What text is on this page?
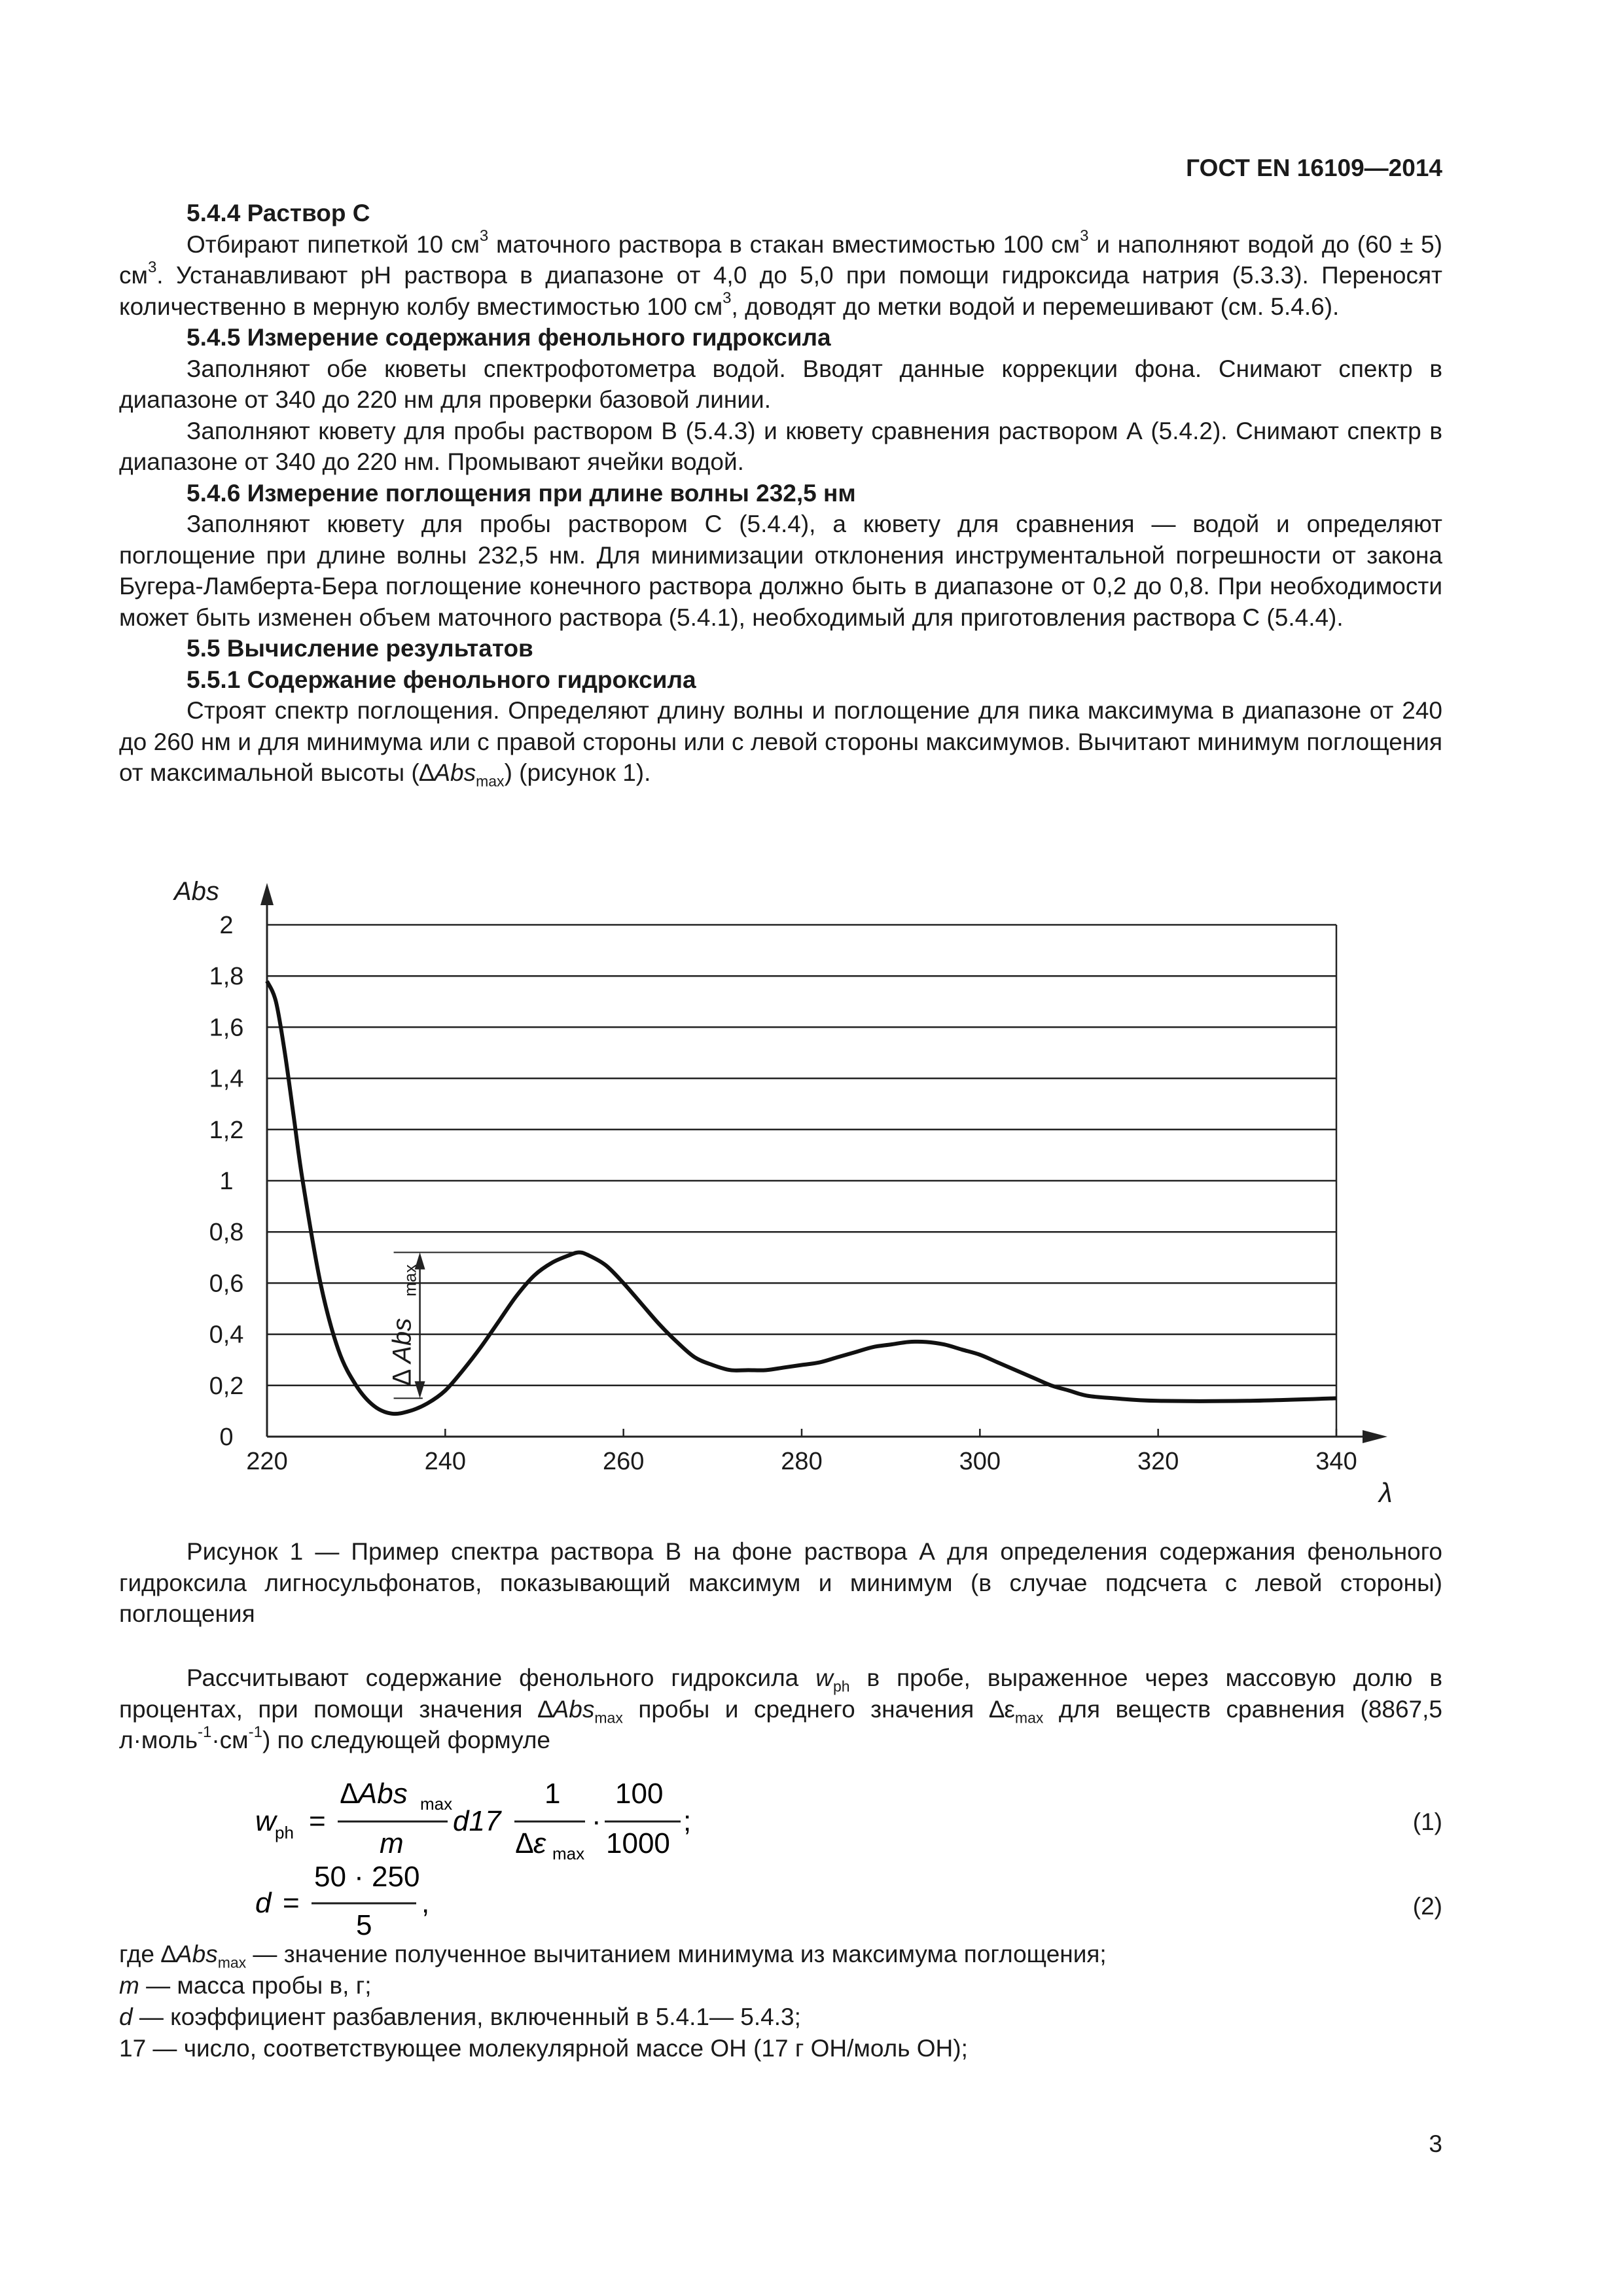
ГОСТ EN 16109—2014

5.4.4 Раствор С

Отбирают пипеткой 10 $см^3$ маточного раствора в стакан вместимостью 100 $см^3$ и наполняют водой до (60 ± 5) $см^3$. Устанавливают pH раствора в диапазоне от 4,0 до 5,0 при помощи гидроксида натрия (5.3.3). Переносят количественно в мерную колбу вместимостью 100 $см^3$, доводят до метки водой и перемешивают (см. 5.4.6).

5.4.5 Измерение содержания фенольного гидроксила

Заполняют обе кюветы спектрофотометра водой. Вводят данные коррекции фона. Снимают спектр в диапазоне от 340 до 220 нм для проверки базовой линии.

Заполняют кювету для пробы раствором В (5.4.3) и кювету сравнения раствором А (5.4.2). Снимают спектр в диапазоне от 340 до 220 нм. Промывают ячейки водой.

5.4.6 Измерение поглощения при длине волны 232,5 нм

Заполняют кювету для пробы раствором С (5.4.4), а кювету для сравнения — водой и определяют поглощение при длине волны 232,5 нм. Для минимизации отклонения инструментальной погрешности от закона Бугера-Ламберта-Бера поглощение конечного раствора должно быть в диапазоне от 0,2 до 0,8. При необходимости может быть изменен объем маточного раствора (5.4.1), необходимый для приготовления раствора С (5.4.4).

5.5 Вычисление результатов

5.5.1 Содержание фенольного гидроксила

Строят спектр поглощения. Определяют длину волны и поглощение для пика максимума в диапазоне от 240 до 260 нм и для минимума или с правой стороны или с левой стороны максимумов. Вычитают минимум поглощения от максимальной высоты (∆Abs$_{max}$) (рисунок 1).

0
0,2
0,4
0,6
0,8
1
1,2
1,4
1,6
1,8
2
220	240	260	280	300	320	340
Abs
λ
∆ Abs
max

Рисунок 1 — Пример спектра раствора В на фоне раствора А для определения содержания фенольного гидроксила лигносульфонатов, показывающий максимум и минимум (в случае подсчета с левой стороны) поглощения

Рассчитывают содержание фенольного гидроксила $w_{ph}$ в пробе, выраженное через массовую долю в процентах, при помощи значения ∆Abs$_{max}$ пробы и среднего значения $\Delta\varepsilon_{max}$ для веществ сравнения (8867,5 $л\cdot моль^{-1}\cdot см^{-1}$) по следующей формуле

w
ph =
∆Abs max
m
d17
1
∆ε max
·
100
1000
;	(1)
d =
50 · 250
5
,	(2)
где ∆Abs$_{max}$ — значение полученное вычитанием минимума из максимума поглощения;
m — масса пробы в, г;
d — коэффициент разбавления, включенный в 5.4.1— 5.4.3;
17 — число, соответствующее молекулярной массе ОН (17 г ОН/моль ОН);
3
